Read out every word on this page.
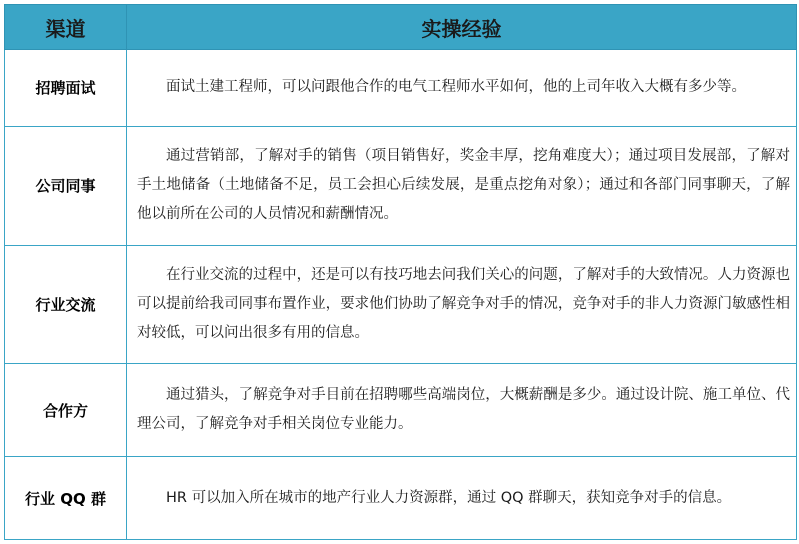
渠道	实操经验
招聘面试	面试土建工程师，可以问跟他合作的电气工程师水平如何，他的上司年收入大概有多少等。
公司同事	通过营销部，了解对手的销售（项目销售好，奖金丰厚，挖角难度大）；通过项目发展部，了解对手土地储备（土地储备不足，员工会担心后续发展，是重点挖角对象）；通过和各部门同事聊天，了解他以前所在公司的人员情况和薪酬情况。
行业交流	在行业交流的过程中，还是可以有技巧地去问我们关心的问题，了解对手的大致情况。人力资源也可以提前给我司同事布置作业，要求他们协助了解竞争对手的情况，竞争对手的非人力资源门敏感性相对较低，可以问出很多有用的信息。
合作方	通过猎头，了解竞争对手目前在招聘哪些高端岗位，大概薪酬是多少。通过设计院、施工单位、代理公司，了解竞争对手相关岗位专业能力。
行业 QQ 群	HR 可以加入所在城市的地产行业人力资源群，通过 QQ 群聊天，获知竞争对手的信息。
